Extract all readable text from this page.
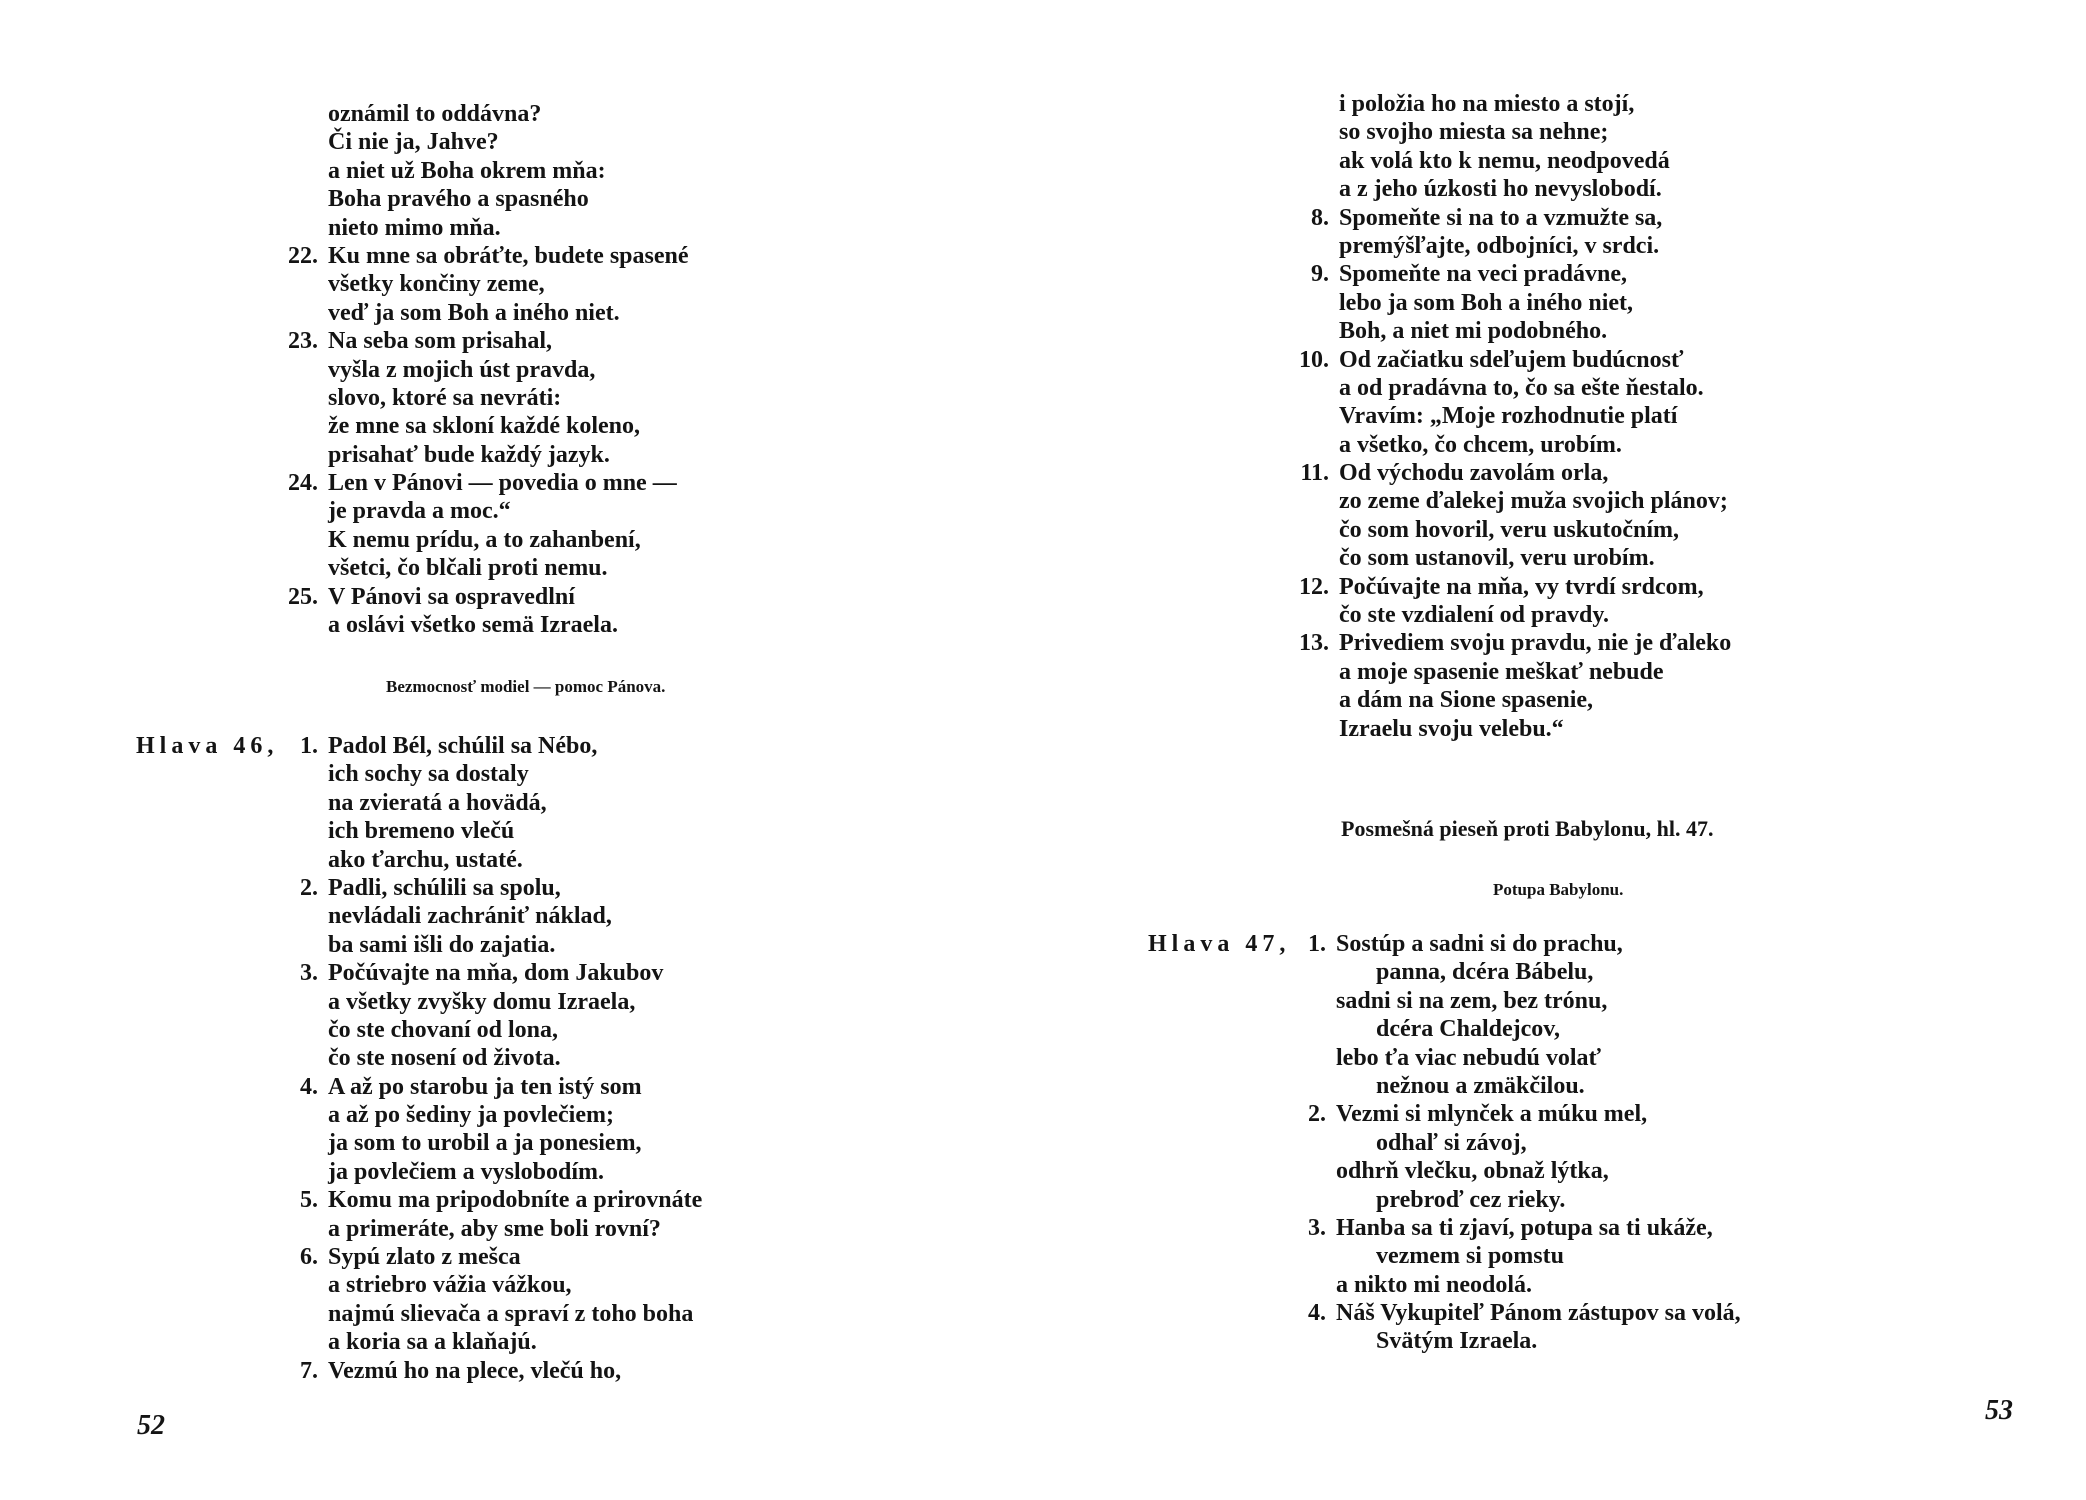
oznámil to oddávna?
Či nie ja, Jahve?
a niet už Boha okrem mňa:
Boha pravého a spasného
nieto mimo mňa.
22. Ku mne sa obráťte, budete spasené
všetky končiny zeme,
veď ja som Boh a iného niet.
23. Na seba som prisahal,
vyšla z mojich úst pravda,
slovo, ktoré sa nevráti:
že mne sa skloní každé koleno,
prisahať bude každý jazyk.
24. Len v Pánovi — povedia o mne —
je pravda a moc.“
K nemu prídu, a to zahanbení,
všetci, čo blčali proti nemu.
25. V Pánovi sa ospravedlní
a oslávi všetko semä Izraela.
Bezmocnosť modiel — pomoc Pánova.
Hlava 46, 1. Padol Bél, schúlil sa Nébo,
ich sochy sa dostaly
na zvieratá a hovädá,
ich bremeno vlečú
ako ťarchu, ustaté.
2. Padli, schúlili sa spolu,
nevládali zachrániť náklad,
ba sami išli do zajatia.
3. Počúvajte na mňa, dom Jakubov
a všetky zvyšky domu Izraela,
čo ste chovaní od lona,
čo ste nosení od života.
4. A až po starobu ja ten istý som
a až po šediny ja povlečiem;
ja som to urobil a ja ponesiem,
ja povlečiem a vyslobodím.
5. Komu ma pripodobníte a prirovnáte
a primeráte, aby sme boli rovní?
6. Sypú zlato z mešca
a striebro vážia vážkou,
najmú slievača a spraví z toho boha
a koria sa a klaňajú.
7. Vezmú ho na plece, vlečú ho,
52
i položia ho na miesto a stojí,
so svojho miesta sa nehne;
ak volá kto k nemu, neodpovedá
a z jeho úzkosti ho nevyslobodí.
8. Spomeňte si na to a vzmužte sa,
premýšľajte, odbojníci, v srdci.
9. Spomeňte na veci pradávne,
lebo ja som Boh a iného niet,
Boh, a niet mi podobného.
10. Od začiatku sdeľujem budúcnosť
a od pradávna to, čo sa ešte ňestalo.
Vravím: „Moje rozhodnutie platí
a všetko, čo chcem, urobím.
11. Od východu zavolám orla,
zo zeme ďalekej muža svojich plánov;
čo som hovoril, veru uskutočním,
čo som ustanovil, veru urobím.
12. Počúvajte na mňa, vy tvrdí srdcom,
čo ste vzdialení od pravdy.
13. Privediem svoju pravdu, nie je ďaleko
a moje spasenie meškať nebude
a dám na Sione spasenie,
Izraelu svoju velebu.“
Posmešná pieseň proti Babylonu, hl. 47.
Potupa Babylonu.
Hlava 47, 1. Sostúp a sadni si do prachu,
panna, dcéra Bábelu,
sadni si na zem, bez trónu,
dcéra Chaldejcov,
lebo ťa viac nebudú volať
nežnou a zmäkčilou.
2. Vezmi si mlynček a múku mel,
odhaľ si závoj,
odhrň vlečku, obnaž lýtka,
prebroď cez rieky.
3. Hanba sa ti zjaví, potupa sa ti ukáže,
vezmem si pomstu
a nikto mi neodolá.
4. Náš Vykupiteľ Pánom zástupov sa volá,
Svätým Izraela.
53
